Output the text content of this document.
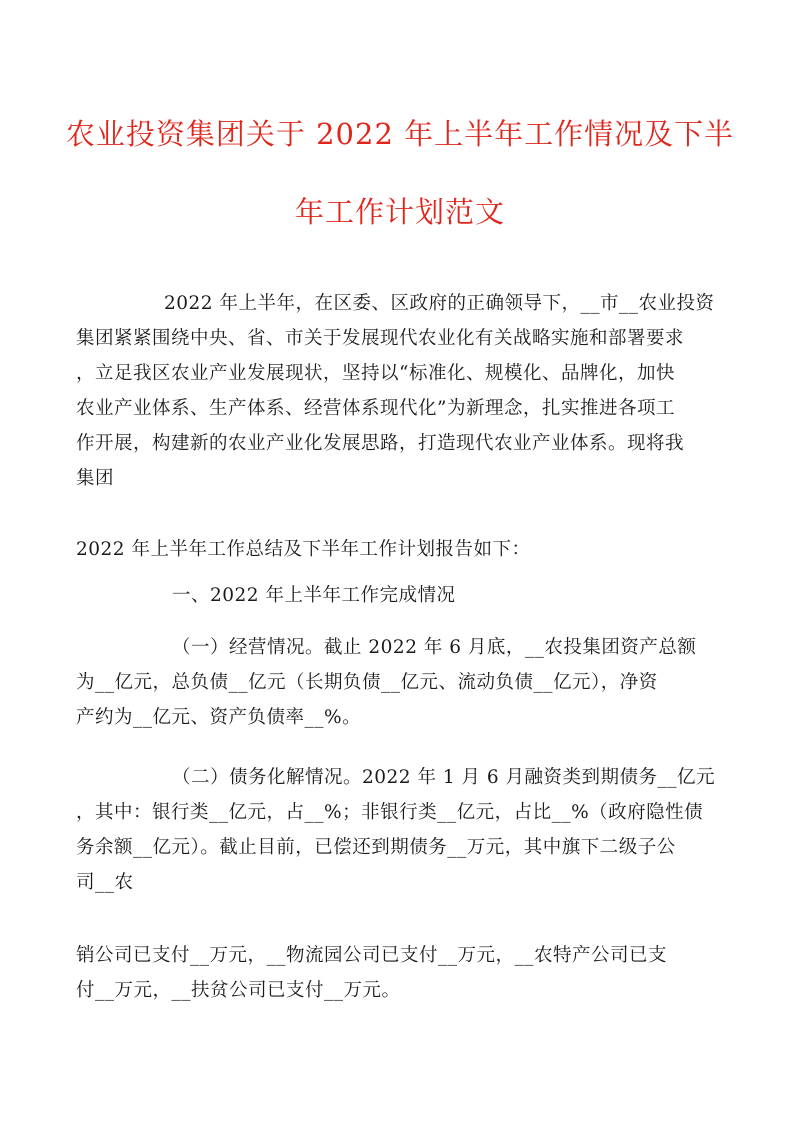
农业投资集团关于 2022 年上半年工作情况及下半
年工作计划范文
2022 年上半年，在区委、区政府的正确领导下，__市__农业投资
集团紧紧围绕中央、省、市关于发展现代农业化有关战略实施和部署要求
，立足我区农业产业发展现状，坚持以“标准化、规模化、品牌化，加快
农业产业体系、生产体系、经营体系现代化”为新理念，扎实推进各项工
作开展，构建新的农业产业化发展思路，打造现代农业产业体系。现将我
集团
2022 年上半年工作总结及下半年工作计划报告如下：
一、2022 年上半年工作完成情况
（一）经营情况。截止 2022 年 6 月底，__农投集团资产总额
为__亿元，总负债__亿元（长期负债__亿元、流动负债__亿元），净资
产约为__亿元、资产负债率__%。
（二）债务化解情况。2022 年 1 月 6 月融资类到期债务__亿元
，其中：银行类__亿元，占__%；非银行类__亿元，占比__%（政府隐性债
务余额__亿元）。截止目前，已偿还到期债务__万元，其中旗下二级子公
司__农
销公司已支付__万元，__物流园公司已支付__万元，__农特产公司已支
付__万元，__扶贫公司已支付__万元。
